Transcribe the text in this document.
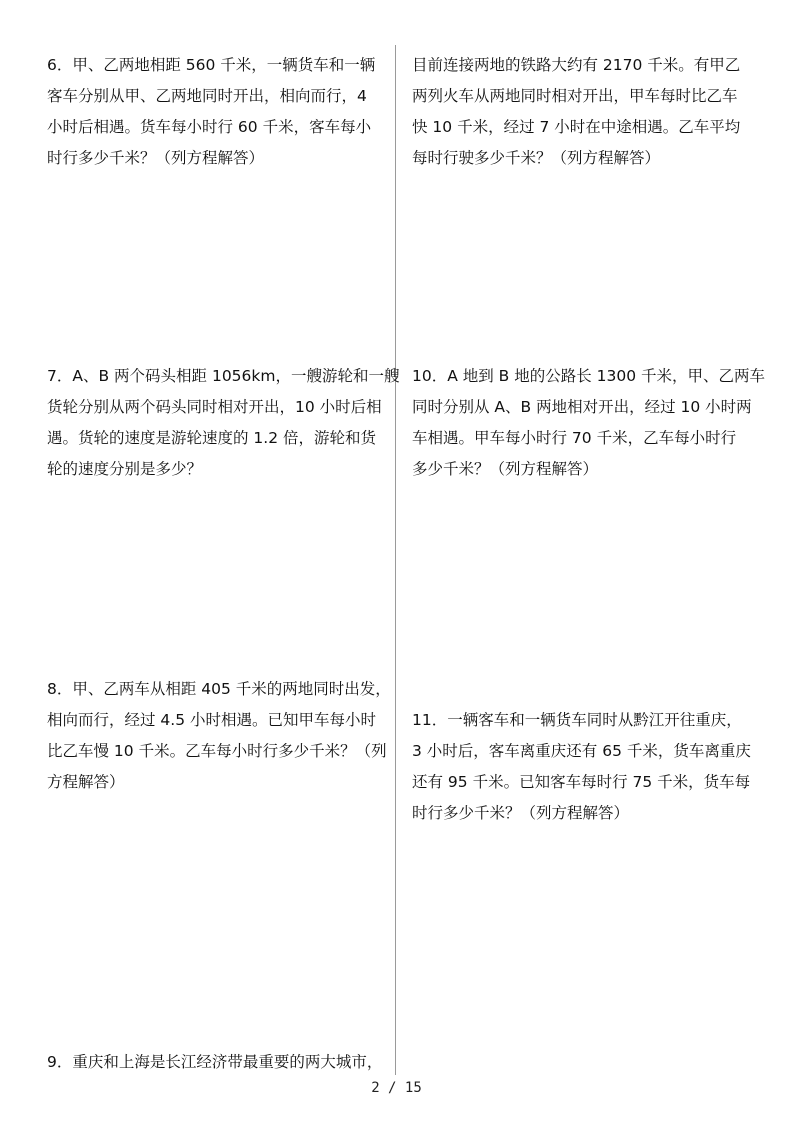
6．甲、乙两地相距 560 千米，一辆货车和一辆
客车分别从甲、乙两地同时开出，相向而行，4
小时后相遇。货车每小时行 60 千米，客车每小
时行多少千米？（列方程解答）
7．A、B 两个码头相距 1056km，一艘游轮和一艘
货轮分别从两个码头同时相对开出，10 小时后相
遇。货轮的速度是游轮速度的 1.2 倍，游轮和货
轮的速度分别是多少？
8．甲、乙两车从相距 405 千米的两地同时出发，
相向而行，经过 4.5 小时相遇。已知甲车每小时
比乙车慢 10 千米。乙车每小时行多少千米？（列
方程解答）
9．重庆和上海是长江经济带最重要的两大城市，
目前连接两地的铁路大约有 2170 千米。有甲乙
两列火车从两地同时相对开出，甲车每时比乙车
快 10 千米，经过 7 小时在中途相遇。乙车平均
每时行驶多少千米？（列方程解答）
10．A 地到 B 地的公路长 1300 千米，甲、乙两车
同时分别从 A、B 两地相对开出，经过 10 小时两
车相遇。甲车每小时行 70 千米，乙车每小时行
多少千米？（列方程解答）
11．一辆客车和一辆货车同时从黔江开往重庆，
3 小时后，客车离重庆还有 65 千米，货车离重庆
还有 95 千米。已知客车每时行 75 千米，货车每
时行多少千米？（列方程解答）
2 / 15
